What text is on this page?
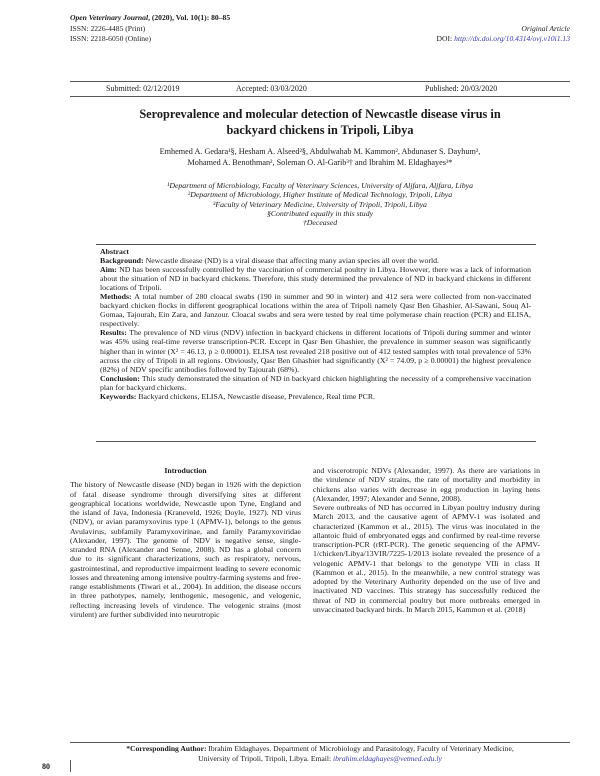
Open Veterinary Journal, (2020), Vol. 10(1): 80–85
ISSN: 2226-4485 (Print)
ISSN: 2218-6050 (Online)
Original Article
DOI: http://dx.doi.org/10.4314/ovj.v10i1.13
Submitted: 02/12/2019	Accepted: 03/03/2020	Published: 20/03/2020
Seroprevalence and molecular detection of Newcastle disease virus in
backyard chickens in Tripoli, Libya
Emhemed A. Gedara¹§, Hesham A. Alseed²§, Abdulwahab M. Kammon², Abdunaser S. Dayhum²,
Mohamed A. Benothman², Soleman O. Al-Garib³† and Ibrahim M. Eldaghayes³*
¹Department of Microbiology, Faculty of Veterinary Sciences, University of Aljfara, Aljfara, Libya
²Department of Microbiology, Higher Institute of Medical Technology, Tripoli, Libya
³Faculty of Veterinary Medicine, University of Tripoli, Tripoli, Libya
§Contributed equally in this study
†Deceased

Abstract

Background: Newcastle disease (ND) is a viral disease that affecting many avian species all over the world.

Aim: ND has been successfully controlled by the vaccination of commercial poultry in Libya. However, there was a lack of information about the situation of ND in backyard chickens. Therefore, this study determined the prevalence of ND in backyard chickens in different locations of Tripoli.

Methods: A total number of 280 cloacal swabs (190 in summer and 90 in winter) and 412 sera were collected from non-vaccinated backyard chicken flocks in different geographical locations within the area of Tripoli namely Qasr Ben Ghashier, Al-Sawani, Souq Al-Gomaa, Tajourah, Ein Zara, and Janzour. Cloacal swabs and sera were tested by real time polymerase chain reaction (PCR) and ELISA, respectively.

Results: The prevalence of ND virus (NDV) infection in backyard chickens in different locations of Tripoli during summer and winter was 45% using real-time reverse transcription-PCR. Except in Qasr Ben Ghashier, the prevalence in summer season was significantly higher than in winter (X² = 46.13, p ≥ 0.00001). ELISA test revealed 218 positive out of 412 tested samples with total prevalence of 53% across the city of Tripoli in all regions. Obviously, Qasr Ben Ghashier had significantly (X² = 74.09, p ≥ 0.00001) the highest prevalence (82%) of NDV specific antibodies followed by Tajourah (68%).

Conclusion: This study demonstrated the situation of ND in backyard chicken highlighting the necessity of a comprehensive vaccination plan for backyard chickens.

Keywords: Backyard chickens, ELISA, Newcastle disease, Prevalence, Real time PCR.

Introduction

The history of Newcastle disease (ND) began in 1926 with the depiction of fatal disease syndrome through diversifying sites at different geographical locations worldwide, Newcastle upon Tyne, England and the island of Java, Indonesia (Kraneveld, 1926; Doyle, 1927). ND virus (NDV), or avian paramyxovirus type 1 (APMV-1), belongs to the genus Avulavirus, subfamily Paramyxovirinae, and family Paramyxoviridae (Alexander, 1997). The genome of NDV is negative sense, single-stranded RNA (Alexander and Senne, 2008). ND has a global concern due to its significant characterizations, such as respiratory, nervous, gastrointestinal, and reproductive impairment leading to severe economic losses and threatening among intensive poultry-farming systems and free-range establishments (Tiwari et al., 2004). In addition, the disease occurs in three pathotypes, namely, lenthogenic, mesogenic, and velogenic, reflecting increasing levels of virulence. The velogenic strains (most virulent) are further subdivided into neurotropic

and viscerotropic NDVs (Alexander, 1997). As there are variations in the virulence of NDV strains, the rate of mortality and morbidity in chickens also varies with decrease in egg production in laying hens (Alexander, 1997; Alexander and Senne, 2008).

Severe outbreaks of ND has occurred in Libyan poultry industry during March 2013, and the causative agent of APMV-1 was isolated and characterized (Kammon et al., 2015). The virus was inoculated in the allantoic fluid of embryonated eggs and confirmed by real-time reverse transcription-PCR (rRT-PCR). The genetic sequencing of the APMV-1/chicken/Libya/13VIR/7225-1/2013 isolate revealed the presence of a velogenic APMV-1 that belongs to the genotype VIIi in class II (Kammon et al., 2015). In the meanwhile, a new control strategy was adopted by the Veterinary Authority depended on the use of live and inactivated ND vaccines. This strategy has successfully reduced the threat of ND in commercial poultry but more outbreaks emerged in unvaccinated backyard birds. In March 2015, Kammon et al. (2018)

*Corresponding Author: Ibrahim Eldaghayes. Department of Microbiology and Parasitology, Faculty of Veterinary Medicine,
University of Tripoli, Tripoli, Libya. Email: ibrahim.eldaghayes@vetmed.edu.ly
80
